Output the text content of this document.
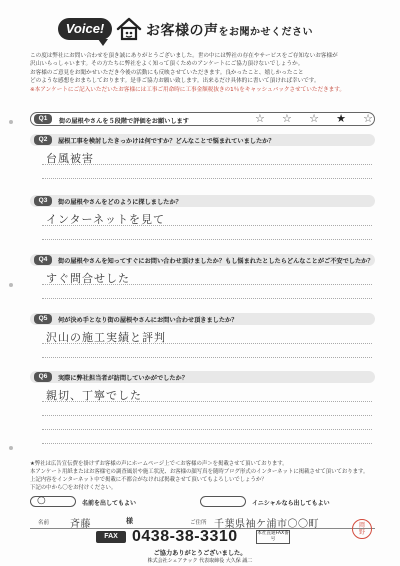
Voice!	お客様の声をお聞かせください

この度は弊社にお問い合わせを頂き誠にありがとうございました。世の中には弊社の存在やサービスをご存知ないお客様が

沢山いらっしゃいます。その方たちに弊社をよく知って頂くためのアンケートにご協力頂けないでしょうか。

お客様のご意見をお聞かせいただき今後の活動にも反映させていただきます。良かったこと、嬉しかったこと

どのような感想をおまちしております。是非ご協力お願い致します。出来るだけ具体的に書いて頂ければ幸いです。

※本アンケートにご記入いただいたお客様には工事ご用命時に工事金額税抜きの1％をキャッシュバックさせていただきます。

Q1	街の屋根やさんを５段階で評価をお願いします	☆ ☆ ☆ ★ ☆
Q2	屋根工事を検討したきっかけは何ですか？どんなことで悩まれていましたか？
台風被害
Q3	街の屋根やさんをどのように探しましたか？
インターネットを見て
Q4	街の屋根やさんを知ってすぐにお問い合わせ頂けましたか？もし悩まれたとしたらどんなことがご不安でしたか？
すぐ問合せした
Q5	何が決め手となり街の屋根やさんにお問い合わせ頂きましたか？
沢山の施工実績と評判
Q6	実際に弊社担当者が訪問していかがでしたか？
親切、丁寧でした

★弊社は広告宣伝費を掛けずお客様の声にホームページ上で＜お客様の声＞を掲載させて頂いております。

本アンケート用紙またはお客様宅の調査風景や施工状況、お客様の顔写真を随時ブログ形式のインターネットに掲載させて頂いております。

上記内容をインターネット中で掲載に不都合がなければ掲載させて頂いてもよろしいでしょうか？

下記の中から〇をお付けください。

○	名前を出してもよい	イニシャルなら出してもよい
名前 斉藤	様	ご住所 千葉県袖ケ浦市〇〇町
FAX 0438-38-3310	本社直通FAX番号
岡
野
ご協力ありがとうございました。
株式会社シェアテック 代表取締役 大久保 誠二
